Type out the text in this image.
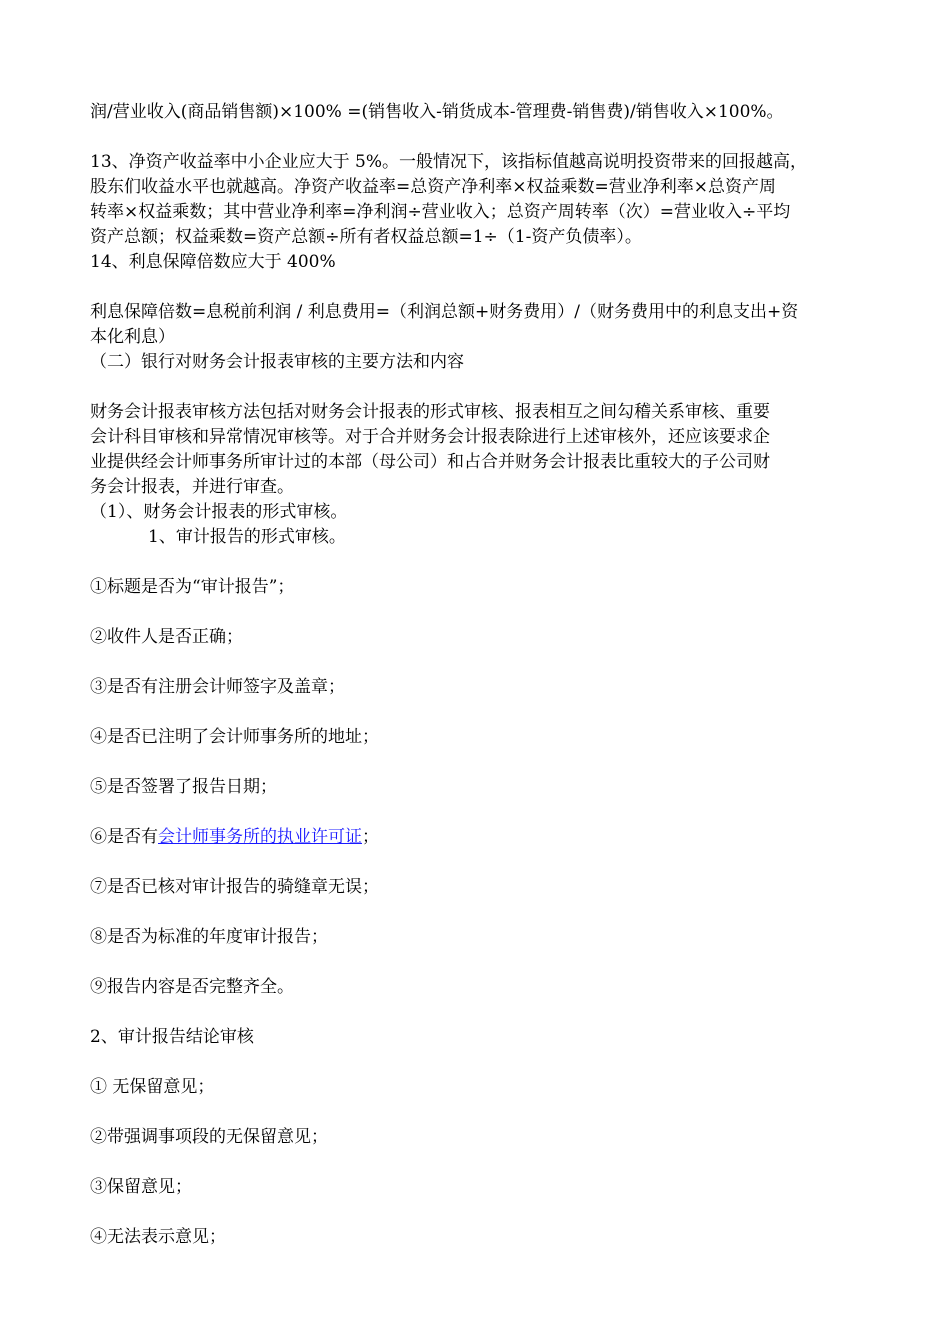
润/营业收入(商品销售额)×100% =(销售收入-销货成本-管理费-销售费)/销售收入×100%。
13、净资产收益率中小企业应大于 5%。一般情况下，该指标值越高说明投资带来的回报越高，
股东们收益水平也就越高。净资产收益率=总资产净利率×权益乘数=营业净利率×总资产周
转率×权益乘数；其中营业净利率=净利润÷营业收入；总资产周转率（次）=营业收入÷平均
资产总额；权益乘数=资产总额÷所有者权益总额=1÷（1-资产负债率）。
14、利息保障倍数应大于 400%
利息保障倍数=息税前利润 / 利息费用=（利润总额+财务费用）/（财务费用中的利息支出+资
本化利息）
（二）银行对财务会计报表审核的主要方法和内容
财务会计报表审核方法包括对财务会计报表的形式审核、报表相互之间勾稽关系审核、重要
会计科目审核和异常情况审核等。对于合并财务会计报表除进行上述审核外，还应该要求企
业提供经会计师事务所审计过的本部（母公司）和占合并财务会计报表比重较大的子公司财
务会计报表，并进行审查。
（1）、财务会计报表的形式审核。
1、审计报告的形式审核。
①标题是否为“审计报告”；
②收件人是否正确；
③是否有注册会计师签字及盖章；
④是否已注明了会计师事务所的地址；
⑤是否签署了报告日期；
⑥是否有会计师事务所的执业许可证；
⑦是否已核对审计报告的骑缝章无误；
⑧是否为标准的年度审计报告；
⑨报告内容是否完整齐全。
2、审计报告结论审核
① 无保留意见；
②带强调事项段的无保留意见；
③保留意见；
④无法表示意见；
